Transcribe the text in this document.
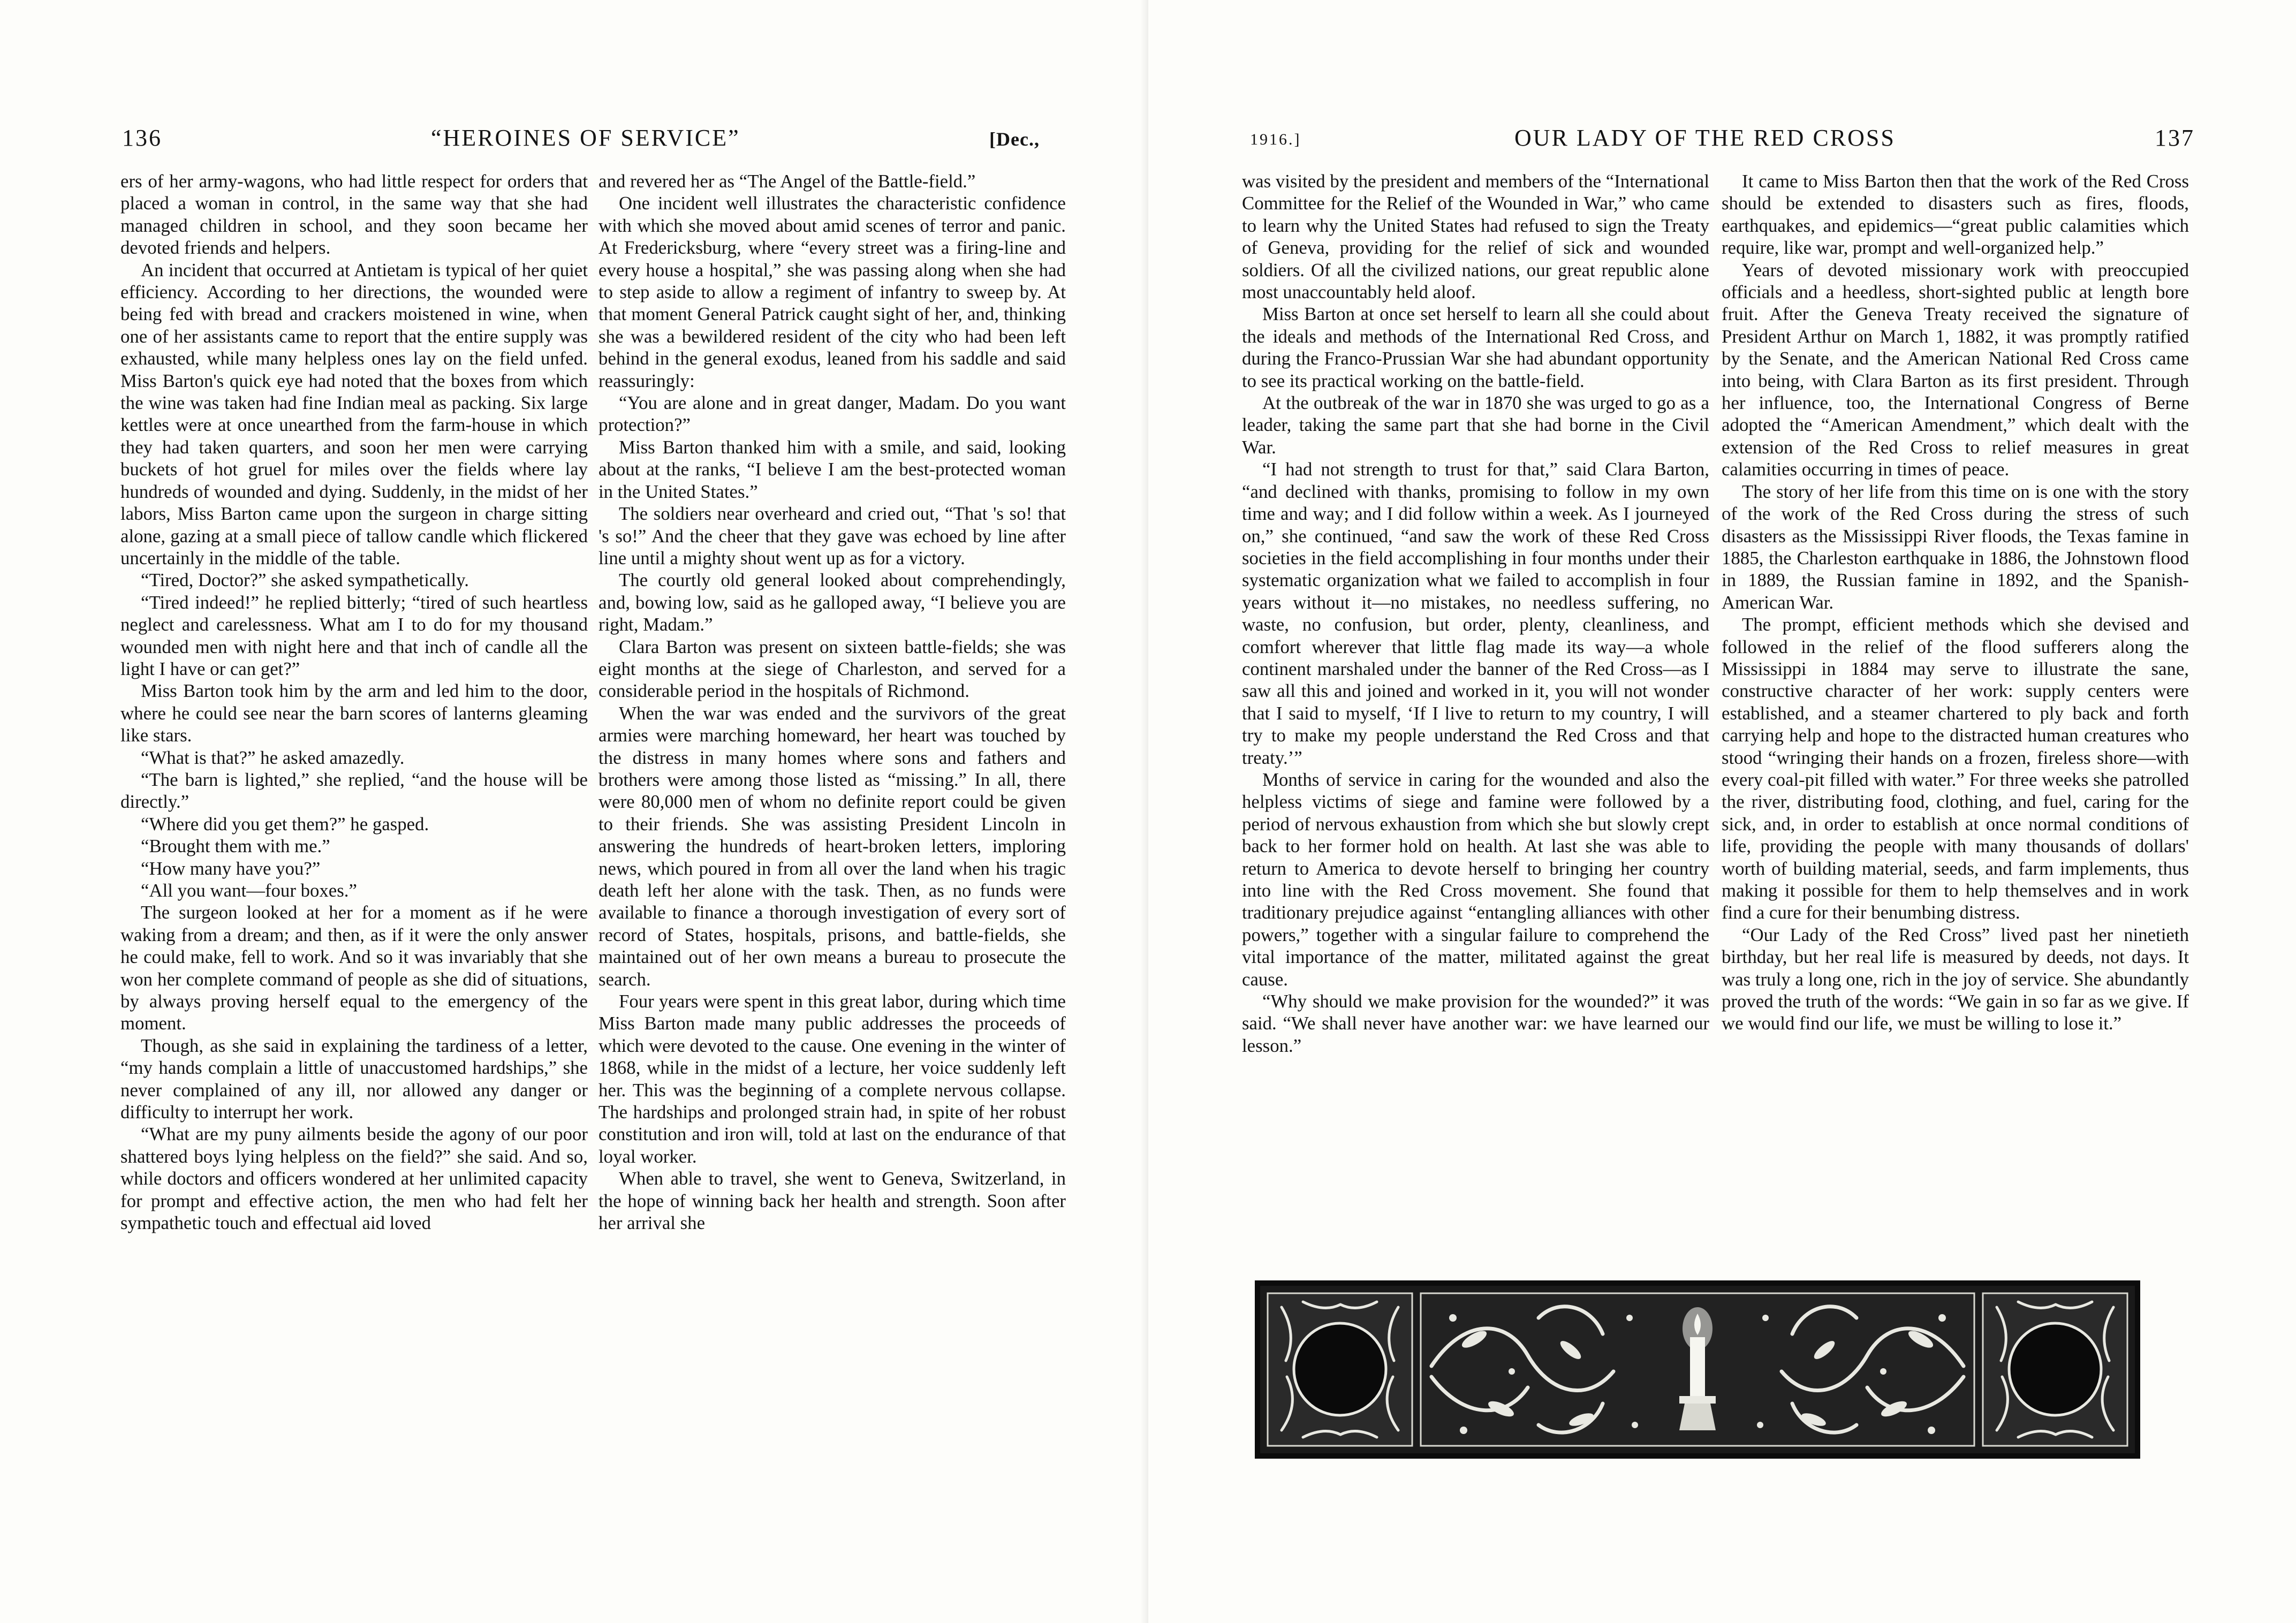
136	“HEROINES OF SERVICE”	[Dec.,

ers of her army-wagons, who had little respect for orders that placed a woman in control, in the same way that she had managed children in school, and they soon became her devoted friends and helpers.

An incident that occurred at Antietam is typical of her quiet efficiency. According to her directions, the wounded were being fed with bread and crackers moistened in wine, when one of her assistants came to report that the entire supply was exhausted, while many helpless ones lay on the field unfed. Miss Barton's quick eye had noted that the boxes from which the wine was taken had fine Indian meal as packing. Six large kettles were at once unearthed from the farm-house in which they had taken quarters, and soon her men were carrying buckets of hot gruel for miles over the fields where lay hundreds of wounded and dying. Suddenly, in the midst of her labors, Miss Barton came upon the surgeon in charge sitting alone, gazing at a small piece of tallow candle which flickered uncertainly in the middle of the table.

“Tired, Doctor?” she asked sympathetically.

“Tired indeed!” he replied bitterly; “tired of such heartless neglect and carelessness. What am I to do for my thousand wounded men with night here and that inch of candle all the light I have or can get?”

Miss Barton took him by the arm and led him to the door, where he could see near the barn scores of lanterns gleaming like stars.

“What is that?” he asked amazedly.

“The barn is lighted,” she replied, “and the house will be directly.”

“Where did you get them?” he gasped.

“Brought them with me.”

“How many have you?”

“All you want—four boxes.”

The surgeon looked at her for a moment as if he were waking from a dream; and then, as if it were the only answer he could make, fell to work. And so it was invariably that she won her complete command of people as she did of situations, by always proving herself equal to the emergency of the moment.

Though, as she said in explaining the tardiness of a letter, “my hands complain a little of unaccustomed hardships,” she never complained of any ill, nor allowed any danger or difficulty to interrupt her work.

“What are my puny ailments beside the agony of our poor shattered boys lying helpless on the field?” she said. And so, while doctors and officers wondered at her unlimited capacity for prompt and effective action, the men who had felt her sympathetic touch and effectual aid loved

and revered her as “The Angel of the Battle-field.”

One incident well illustrates the characteristic confidence with which she moved about amid scenes of terror and panic. At Fredericksburg, where “every street was a firing-line and every house a hospital,” she was passing along when she had to step aside to allow a regiment of infantry to sweep by. At that moment General Patrick caught sight of her, and, thinking she was a bewildered resident of the city who had been left behind in the general exodus, leaned from his saddle and said reassuringly:

“You are alone and in great danger, Madam. Do you want protection?”

Miss Barton thanked him with a smile, and said, looking about at the ranks, “I believe I am the best-protected woman in the United States.”

The soldiers near overheard and cried out, “That 's so! that 's so!” And the cheer that they gave was echoed by line after line until a mighty shout went up as for a victory.

The courtly old general looked about comprehendingly, and, bowing low, said as he galloped away, “I believe you are right, Madam.”

Clara Barton was present on sixteen battle-fields; she was eight months at the siege of Charleston, and served for a considerable period in the hospitals of Richmond.

When the war was ended and the survivors of the great armies were marching homeward, her heart was touched by the distress in many homes where sons and fathers and brothers were among those listed as “missing.” In all, there were 80,000 men of whom no definite report could be given to their friends. She was assisting President Lincoln in answering the hundreds of heart-broken letters, imploring news, which poured in from all over the land when his tragic death left her alone with the task. Then, as no funds were available to finance a thorough investigation of every sort of record of States, hospitals, prisons, and battle-fields, she maintained out of her own means a bureau to prosecute the search.

Four years were spent in this great labor, during which time Miss Barton made many public addresses the proceeds of which were devoted to the cause. One evening in the winter of 1868, while in the midst of a lecture, her voice suddenly left her. This was the beginning of a complete nervous collapse. The hardships and prolonged strain had, in spite of her robust constitution and iron will, told at last on the endurance of that loyal worker.

When able to travel, she went to Geneva, Switzerland, in the hope of winning back her health and strength. Soon after her arrival she

1916.]	OUR LADY OF THE RED CROSS	137

was visited by the president and members of the “International Committee for the Relief of the Wounded in War,” who came to learn why the United States had refused to sign the Treaty of Geneva, providing for the relief of sick and wounded soldiers. Of all the civilized nations, our great republic alone most unaccountably held aloof.

Miss Barton at once set herself to learn all she could about the ideals and methods of the International Red Cross, and during the Franco-Prussian War she had abundant opportunity to see its practical working on the battle-field.

At the outbreak of the war in 1870 she was urged to go as a leader, taking the same part that she had borne in the Civil War.

“I had not strength to trust for that,” said Clara Barton, “and declined with thanks, promising to follow in my own time and way; and I did follow within a week. As I journeyed on,” she continued, “and saw the work of these Red Cross societies in the field accomplishing in four months under their systematic organization what we failed to accomplish in four years without it—no mistakes, no needless suffering, no waste, no confusion, but order, plenty, cleanliness, and comfort wherever that little flag made its way—a whole continent marshaled under the banner of the Red Cross—as I saw all this and joined and worked in it, you will not wonder that I said to myself, ‘If I live to return to my country, I will try to make my people understand the Red Cross and that treaty.’”

Months of service in caring for the wounded and also the helpless victims of siege and famine were followed by a period of nervous exhaustion from which she but slowly crept back to her former hold on health. At last she was able to return to America to devote herself to bringing her country into line with the Red Cross movement. She found that traditionary prejudice against “entangling alliances with other powers,” together with a singular failure to comprehend the vital importance of the matter, militated against the great cause.

“Why should we make provision for the wounded?” it was said. “We shall never have another war: we have learned our lesson.”

It came to Miss Barton then that the work of the Red Cross should be extended to disasters such as fires, floods, earthquakes, and epidemics—“great public calamities which require, like war, prompt and well-organized help.”

Years of devoted missionary work with preoccupied officials and a heedless, short-sighted public at length bore fruit. After the Geneva Treaty received the signature of President Arthur on March 1, 1882, it was promptly ratified by the Senate, and the American National Red Cross came into being, with Clara Barton as its first president. Through her influence, too, the International Congress of Berne adopted the “American Amendment,” which dealt with the extension of the Red Cross to relief measures in great calamities occurring in times of peace.

The story of her life from this time on is one with the story of the work of the Red Cross during the stress of such disasters as the Mississippi River floods, the Texas famine in 1885, the Charleston earthquake in 1886, the Johnstown flood in 1889, the Russian famine in 1892, and the Spanish-American War.

The prompt, efficient methods which she devised and followed in the relief of the flood sufferers along the Mississippi in 1884 may serve to illustrate the sane, constructive character of her work: supply centers were established, and a steamer chartered to ply back and forth carrying help and hope to the distracted human creatures who stood “wringing their hands on a frozen, fireless shore—with every coal-pit filled with water.” For three weeks she patrolled the river, distributing food, clothing, and fuel, caring for the sick, and, in order to establish at once normal conditions of life, providing the people with many thousands of dollars' worth of building material, seeds, and farm implements, thus making it possible for them to help themselves and in work find a cure for their benumbing distress.

“Our Lady of the Red Cross” lived past her ninetieth birthday, but her real life is measured by deeds, not days. It was truly a long one, rich in the joy of service. She abundantly proved the truth of the words: “We gain in so far as we give. If we would find our life, we must be willing to lose it.”
